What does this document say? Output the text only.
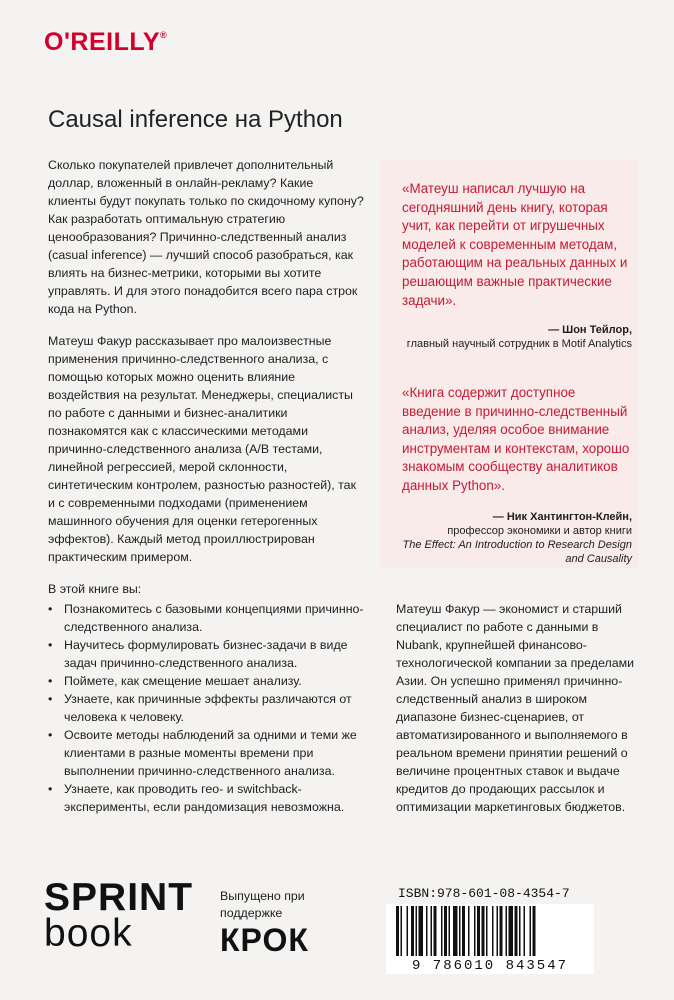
O'REILLY®
Causal inference на Python

Сколько покупателей привлечет дополнительный доллар, вложенный в онлайн-рекламу? Какие клиенты будут покупать только по скидочному купону? Как разработать оптимальную стратегию ценообразования? Причинно-следственный анализ (casual inference) — лучший способ разобраться, как влиять на бизнес-метрики, которыми вы хотите управлять. И для этого понадобится всего пара строк кода на Python.

Матеуш Факур рассказывает про малоизвестные применения причинно-следственного анализа, с помощью которых можно оценить влияние воздействия на результат. Менеджеры, специалисты по работе с данными и бизнес-аналитики познакомятся как с классическими методами причинно-следственного анализа (A/B тестами, линейной регрессией, мерой склонности, синтетическим контролем, разностью разностей), так и с современными подходами (применением машинного обучения для оценки гетерогенных эффектов). Каждый метод проиллюстрирован практическим примером.

В этой книге вы:

• Познакомитесь с базовыми концепциями причинно-следственного анализа.
• Научитесь формулировать бизнес-задачи в виде задач причинно-следственного анализа.
• Поймете, как смещение мешает анализу.
• Узнаете, как причинные эффекты различаются от человека к человеку.
• Освоите методы наблюдений за одними и теми же клиентами в разные моменты времени при выполнении причинно-следственного анализа.
• Узнаете, как проводить гео- и switchback-эксперименты, если рандомизация невозможна.
«Матеуш написал лучшую на сегодняшний день книгу, которая учит, как перейти от игрушечных моделей к современным методам, работающим на реальных данных и решающим важные практические задачи».
— Шон Тейлор,
главный научный сотрудник в Motif Analytics
«Книга содержит доступное введение в причинно-следственный анализ, уделяя особое внимание инструментам и контекстам, хорошо знакомым сообществу аналитиков данных Python».
— Ник Хантингтон-Клейн,
профессор экономики и автор книги
The Effect: An Introduction to Research Design and Causality

Матеуш Факур — экономист и старший специалист по работе с данными в Nubank, крупнейшей финансово-технологической компании за пределами Азии. Он успешно применял причинно-следственный анализ в широком диапазоне бизнес-сценариев, от автоматизированного и выполняемого в реальном времени принятии решений о величине процентных ставок и выдаче кредитов до продающих рассылок и оптимизации маркетинговых бюджетов.

SPRINT
book
Выпущено при поддержке
КРОК
ISBN:978-601-08-4354-7
9 786010 843547
